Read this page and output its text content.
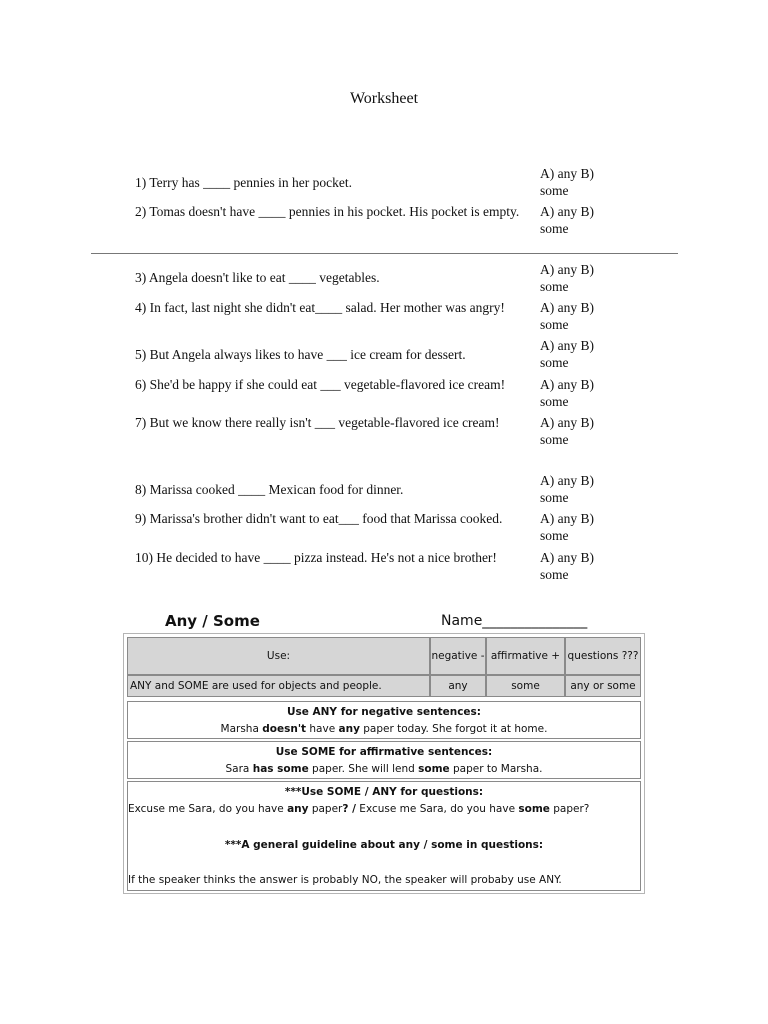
Worksheet
1) Terry has ____ pennies in her pocket.
A) any B) some
2) Tomas doesn't have ____ pennies in his pocket. His pocket is empty.	A) any B) some
3) Angela doesn't like to eat ____ vegetables.
A) any B) some
4) In fact, last night she didn't eat____ salad. Her mother was angry!	A) any B) some
5) But Angela always likes to have ___ ice cream for dessert.
A) any B) some
6) She'd be happy if she could eat ___ vegetable-flavored ice cream!	A) any B) some
7) But we know there really isn't ___ vegetable-flavored ice cream!	A) any B) some
8) Marissa cooked ____ Mexican food for dinner.
A) any B) some
9) Marissa's brother didn't want to eat___ food that Marissa cooked.	A) any B) some
10) He decided to have ____ pizza instead. He's not a nice brother!	A) any B) some
Any / Some	Name_______________
Use:	negative - affirmative + questions ???
ANY and SOME are used for objects and people.	any	some	any or some
Use ANY for negative sentences:
Marsha doesn't have any paper today. She forgot it at home.
Use SOME for affirmative sentences:
Sara has some paper. She will lend some paper to Marsha.
***Use SOME / ANY for questions:
Excuse me Sara, do you have any paper? / Excuse me Sara, do you have some paper?
***A general guideline about any / some in questions:
If the speaker thinks the answer is probably NO, the speaker will probaby use ANY.
